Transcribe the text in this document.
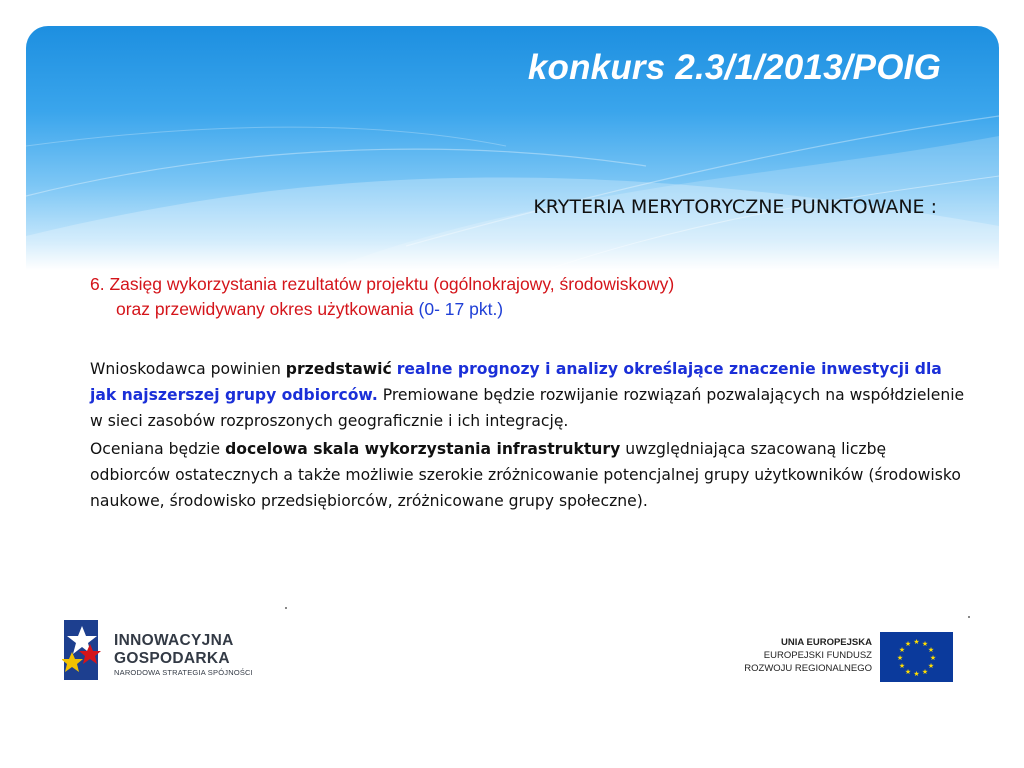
konkurs 2.3/1/2013/POIG
KRYTERIA MERYTORYCZNE PUNKTOWANE :
6. Zasięg wykorzystania rezultatów projektu (ogólnokrajowy, środowiskowy)
oraz przewidywany okres użytkowania (0- 17 pkt.)

Wnioskodawca powinien przedstawić realne prognozy i analizy określające znaczenie inwestycji dla jak najszerszej grupy odbiorców. Premiowane będzie rozwijanie rozwiązań pozwalających na współdzielenie w sieci zasobów rozproszonych geograficznie i ich integrację.

Oceniana będzie docelowa skala wykorzystania infrastruktury uwzględniająca szacowaną liczbę odbiorców ostatecznych a także możliwie szerokie zróżnicowanie potencjalnej grupy użytkowników (środowisko naukowe, środowisko przedsiębiorców, zróżnicowane grupy społeczne).

INNOWACYJNA
GOSPODARKA
NARODOWA STRATEGIA SPÓJNOŚCI
UNIA EUROPEJSKA
EUROPEJSKI FUNDUSZ
ROZWOJU REGIONALNEGO
★ ★
★
★
★
★
★
★
★
★
★
★
